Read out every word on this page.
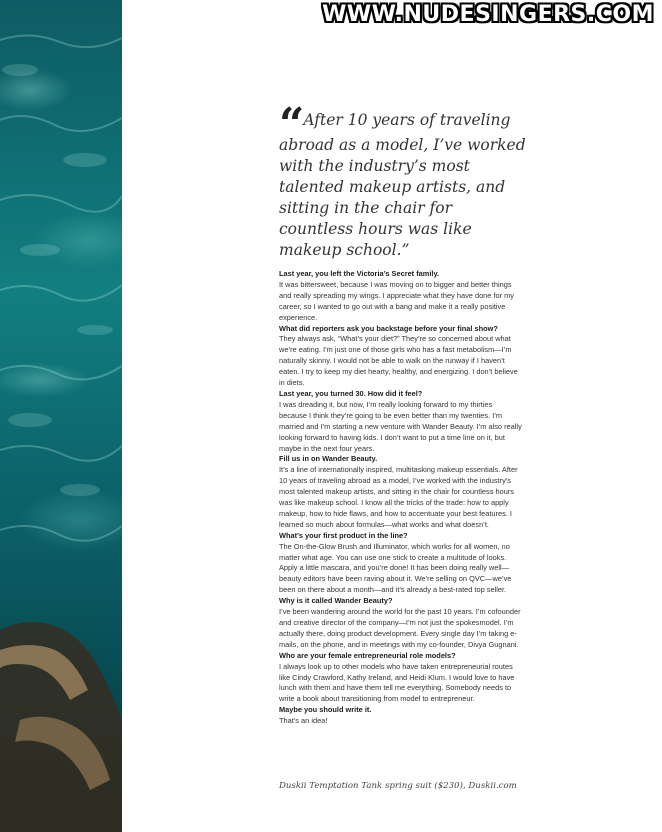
WWW.NUDESINGERS.COM
“ After 10 years of traveling abroad as a model, I’ve worked with the industry’s most talented makeup artists, and sitting in the chair for countless hours was like makeup school.”
Last year, you left the Victoria’s Secret family.
It was bittersweet, because I was moving on to bigger and better things and really spreading my wings. I appreciate what they have done for my career, so I wanted to go out with a bang and make it a really positive experience.
What did reporters ask you backstage before your final show?
They always ask, “What’s your diet?” They’re so concerned about what we’re eating. I’m just one of those girls who has a fast metabolism—I’m naturally skinny. I would not be able to walk on the runway if I haven’t eaten. I try to keep my diet hearty, healthy, and energizing. I don’t believe in diets.
Last year, you turned 30. How did it feel?
I was dreading it, but now, I’m really looking forward to my thirties because I think they’re going to be even better than my twenties. I’m married and I’m starting a new venture with Wander Beauty. I’m also really looking forward to having kids. I don’t want to put a time line on it, but maybe in the next four years.
Fill us in on Wander Beauty.
It’s a line of internationally inspired, multitasking makeup essentials. After 10 years of traveling abroad as a model, I’ve worked with the industry’s most talented makeup artists, and sitting in the chair for countless hours was like makeup school. I know all the tricks of the trade: how to apply makeup, how to hide flaws, and how to accentuate your best features. I learned so much about formulas—what works and what doesn’t.
What’s your first product in the line?
The On-the-Glow Brush and Illuminator, which works for all women, no matter what age. You can use one stick to create a multitude of looks. Apply a little mascara, and you’re done! It has been doing really well—beauty editors have been raving about it. We’re selling on QVC—we’ve been on there about a month—and it’s already a best-rated top seller.
Why is it called Wander Beauty?
I’ve been wandering around the world for the past 10 years. I’m cofounder and creative director of the company—I’m not just the spokesmodel. I’m actually there, doing product development. Every single day I’m taking e-mails, on the phone, and in meetings with my co-founder, Divya Gugnani.
Who are your female entrepreneurial role models?
I always look up to other models who have taken entrepreneurial routes like Cindy Crawford, Kathy Ireland, and Heidi Klum. I would love to have lunch with them and have them tell me everything. Somebody needs to write a book about transitioning from model to entrepreneur.
Maybe you should write it.
That’s an idea!
Duskii Temptation Tank spring suit ($230), Duskii.com
